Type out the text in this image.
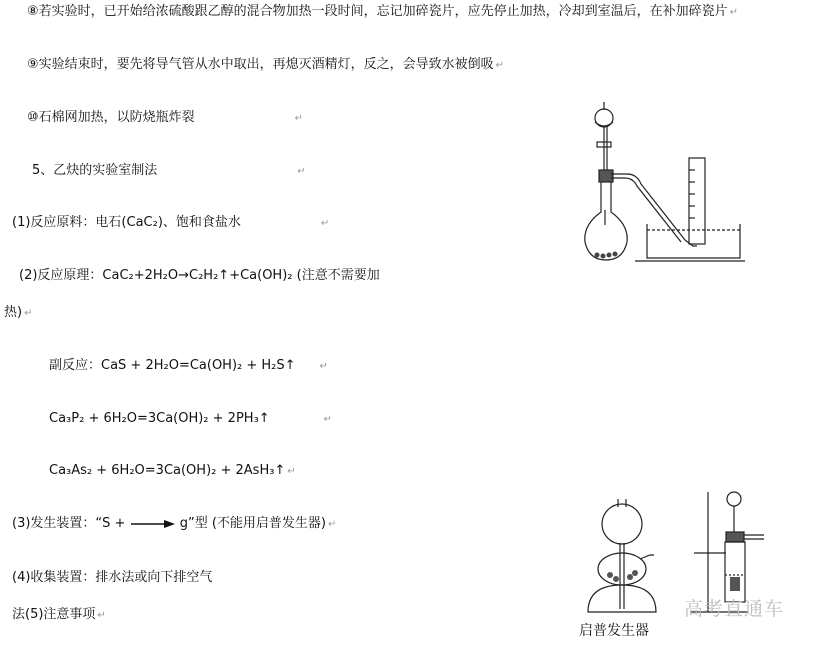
⑧若实验时，已开始给浓硫酸跟乙醇的混合物加热一段时间，忘记加碎瓷片，应先停止加热，冷却到室温后，在补加碎瓷片 ↵
⑨实验结束时，要先将导气管从水中取出，再熄灭酒精灯，反之，会导致水被倒吸 ↵
⑩石棉网加热，以防烧瓶炸裂	↵
5、乙炔的实验室制法	↵
(1)反应原料：电石(CaC₂)、饱和食盐水	↵
(2)反应原理：CaC₂+2H₂O→C₂H₂↑+Ca(OH)₂ (注意不需要加
热) ↵
副反应：CaS + 2H₂O=Ca(OH)₂ + H₂S↑ ↵
Ca₃P₂ + 6H₂O=3Ca(OH)₂ + 2PH₃↑	↵
Ca₃As₂ + 6H₂O=3Ca(OH)₂ + 2AsH₃↑ ↵
(3)发生装置：“S +	g”型 (不能用启普发生器) ↵
(4)收集装置：排水法或向下排空气
法(5)注意事项 ↵
启普发生器
高考直通车
